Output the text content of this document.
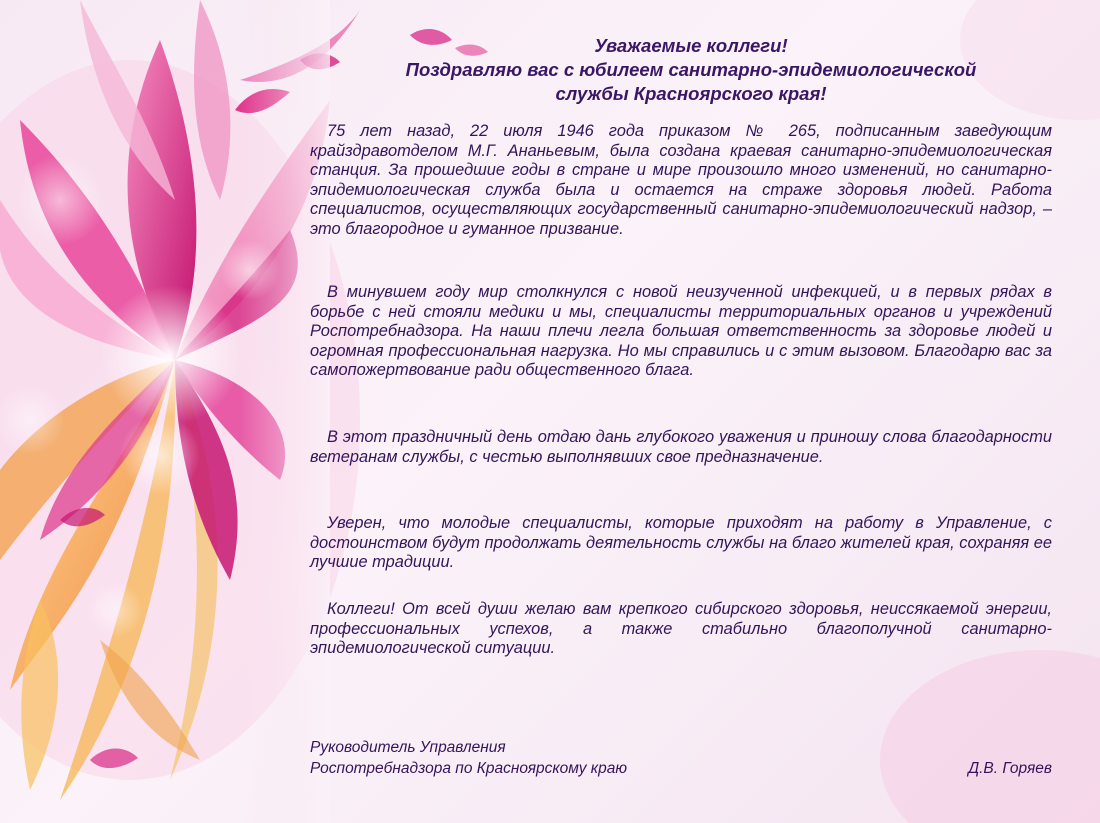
Уважаемые коллеги!
Поздравляю вас с юбилеем санитарно-эпидемиологической
службы Красноярского края!

75 лет назад, 22 июля 1946 года приказом № 265, подписанным заведующим крайздравотделом М.Г. Ананьевым, была создана краевая санитарно-эпидемиологическая станция. За прошедшие годы в стране и мире произошло много изменений, но санитарно-эпидемиологическая служба была и остается на страже здоровья людей. Работа специалистов, осуществляющих государственный санитарно-эпидемиологический надзор, – это благородное и гуманное призвание.

В минувшем году мир столкнулся с новой неизученной инфекцией, и в первых рядах в борьбе с ней стояли медики и мы, специалисты территориальных органов и учреждений Роспотребнадзора. На наши плечи легла большая ответственность за здоровье людей и огромная профессиональная нагрузка. Но мы справились и с этим вызовом. Благодарю вас за самопожертвование ради общественного блага.

В этот праздничный день отдаю дань глубокого уважения и приношу слова благодарности ветеранам службы, с честью выполнявших свое предназначение.

Уверен, что молодые специалисты, которые приходят на работу в Управление, с достоинством будут продолжать деятельность службы на благо жителей края, сохраняя ее лучшие традиции.

Коллеги! От всей души желаю вам крепкого сибирского здоровья, неиссякаемой энергии, профессиональных успехов, а также стабильно благополучной санитарно-эпидемиологической ситуации.

Руководитель Управления
Роспотребнадзора по Красноярскому краю	Д.В. Горяев
